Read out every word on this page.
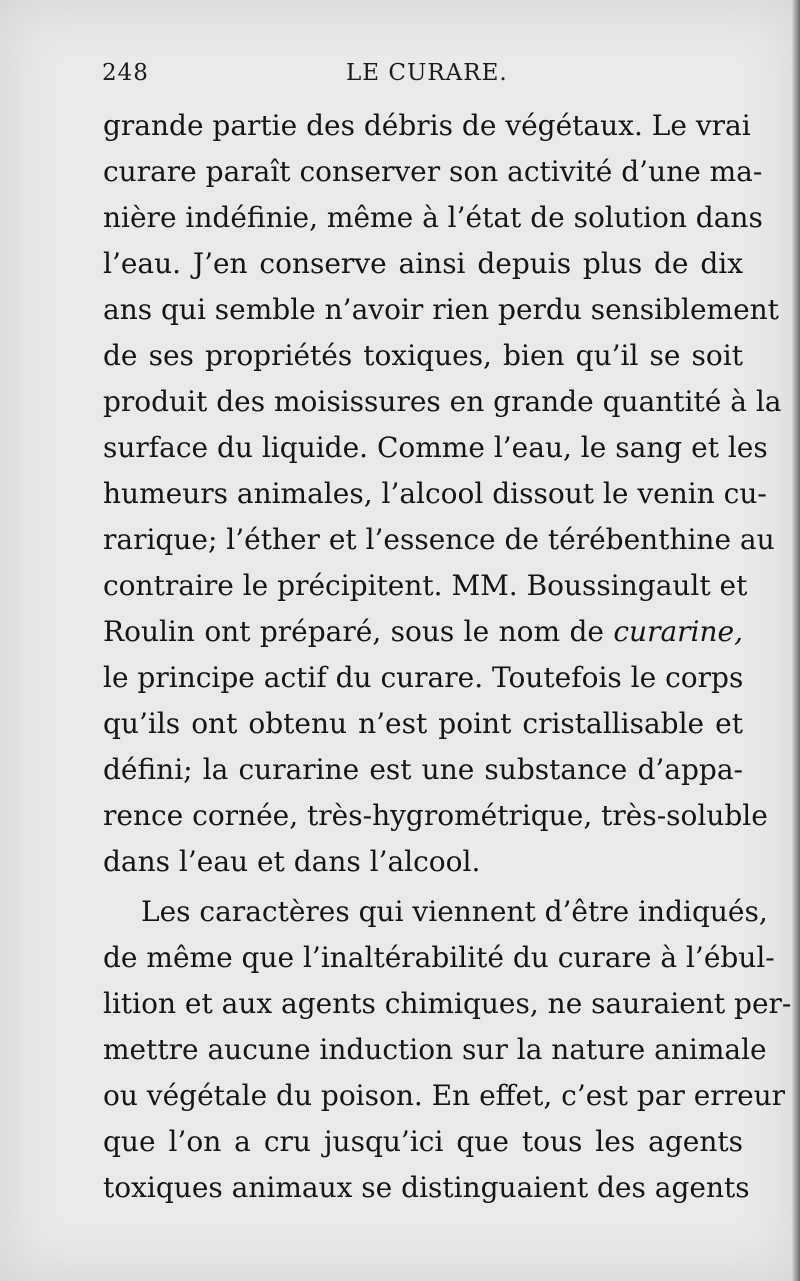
248	LE CURARE.
grande partie des débris de végétaux. Le vrai
curare paraît conserver son activité d’une ma-
nière indéfinie, même à l’état de solution dans
l’eau. J’en conserve ainsi depuis plus de dix
ans qui semble n’avoir rien perdu sensiblement
de ses propriétés toxiques, bien qu’il se soit
produit des moisissures en grande quantité à la
surface du liquide. Comme l’eau, le sang et les
humeurs animales, l’alcool dissout le venin cu-
rarique; l’éther et l’essence de térébenthine au
contraire le précipitent. MM. Boussingault et
Roulin ont préparé, sous le nom de curarine,
le principe actif du curare. Toutefois le corps
qu’ils ont obtenu n’est point cristallisable et
défini; la curarine est une substance d’appa-
rence cornée, très-hygrométrique, très-soluble
dans l’eau et dans l’alcool.
Les caractères qui viennent d’être indiqués,
de même que l’inaltérabilité du curare à l’ébul-
lition et aux agents chimiques, ne sauraient per-
mettre aucune induction sur la nature animale
ou végétale du poison. En effet, c’est par erreur
que l’on a cru jusqu’ici que tous les agents
toxiques animaux se distinguaient des agents
